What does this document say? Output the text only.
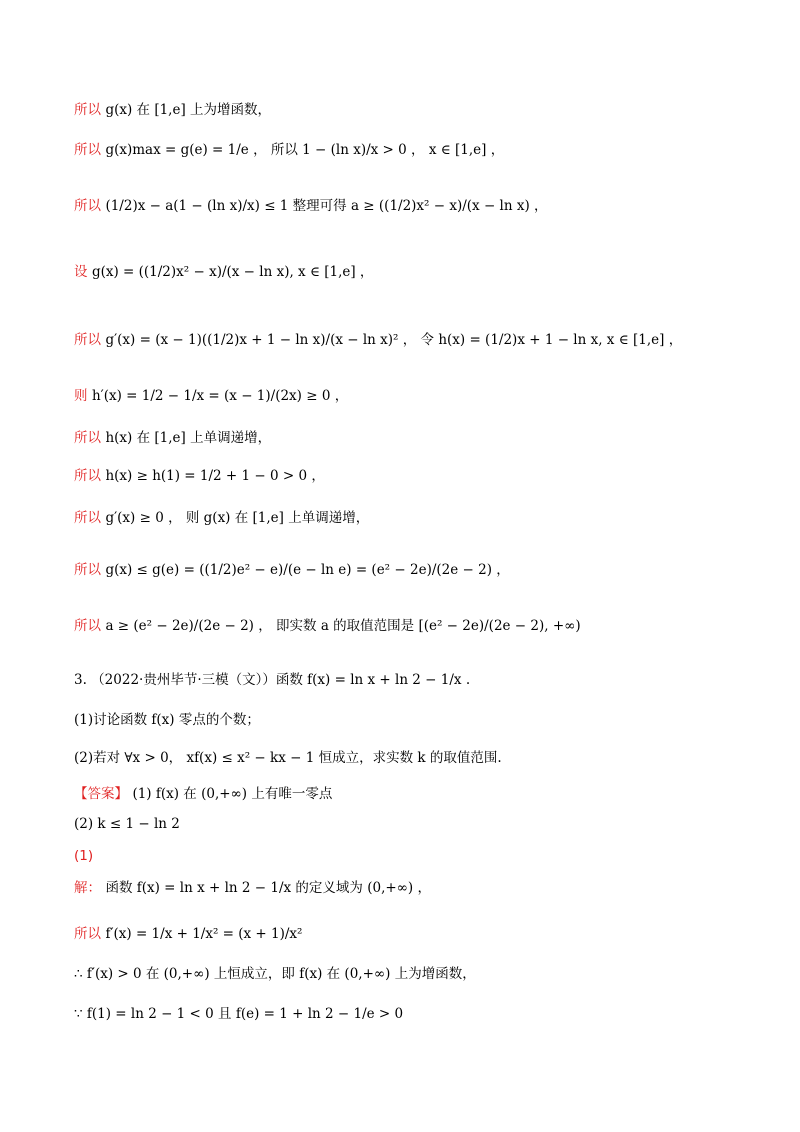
所以 g(x) 在 [1,e] 上为增函数，
所以 g(x)max = g(e) = 1/e ， 所以 1 − (ln x)/x > 0 ， x ∈ [1,e] ，
所以 (1/2)x − a(1 − (ln x)/x) ≤ 1 整理可得 a ≥ ((1/2)x² − x)/(x − ln x) ，
设 g(x) = ((1/2)x² − x)/(x − ln x), x ∈ [1,e] ，
所以 g′(x) = (x − 1)((1/2)x + 1 − ln x)/(x − ln x)² ， 令 h(x) = (1/2)x + 1 − ln x, x ∈ [1,e] ，
则 h′(x) = 1/2 − 1/x = (x − 1)/(2x) ≥ 0 ，
所以 h(x) 在 [1,e] 上单调递增，
所以 h(x) ≥ h(1) = 1/2 + 1 − 0 > 0 ，
所以 g′(x) ≥ 0 ， 则 g(x) 在 [1,e] 上单调递增，
所以 g(x) ≤ g(e) = ((1/2)e² − e)/(e − ln e) = (e² − 2e)/(2e − 2) ，
所以 a ≥ (e² − 2e)/(2e − 2) ， 即实数 a 的取值范围是 [(e² − 2e)/(2e − 2), +∞)
3. （2022·贵州毕节·三模（文））函数 f(x) = ln x + ln 2 − 1/x .
(1)讨论函数 f(x) 零点的个数；
(2)若对 ∀x > 0， xf(x) ≤ x² − kx − 1 恒成立，求实数 k 的取值范围.
【答案】 (1) f(x) 在 (0,+∞) 上有唯一零点
(2) k ≤ 1 − ln 2
(1)
解： 函数 f(x) = ln x + ln 2 − 1/x 的定义域为 (0,+∞) ，
所以 f′(x) = 1/x + 1/x² = (x + 1)/x²
∴ f′(x) > 0 在 (0,+∞) 上恒成立，即 f(x) 在 (0,+∞) 上为增函数，
∵ f(1) = ln 2 − 1 < 0 且 f(e) = 1 + ln 2 − 1/e > 0
